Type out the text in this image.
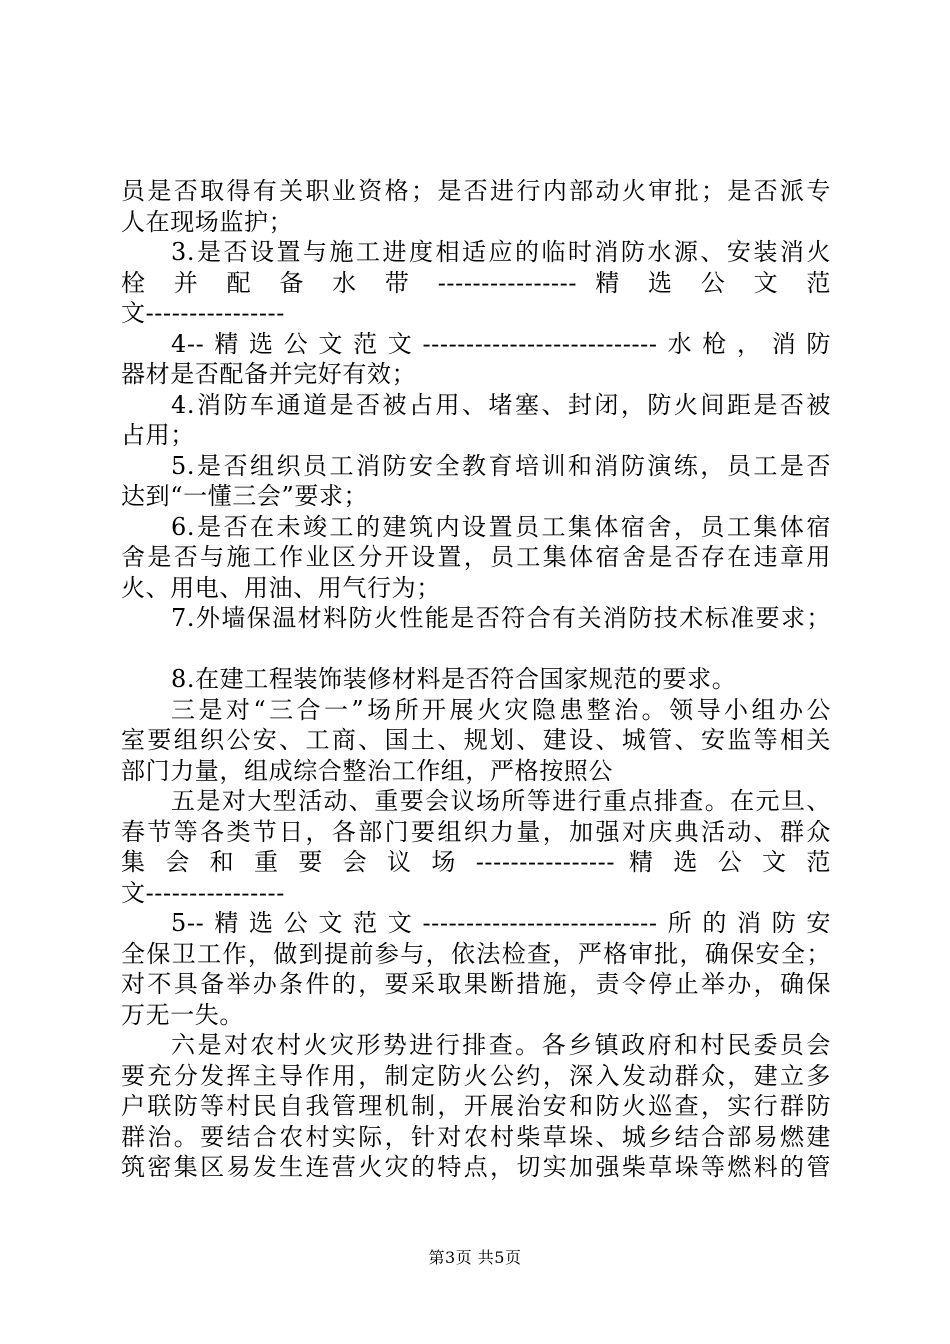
员是否取得有关职业资格；是否进行内部动火审批；是否派专
人在现场监护；
3.是否设置与施工进度相适应的临时消防水源、安装消火
栓 并 配 备 水 带 ---------------- 精 选 公 文 范
文----------------
4--精选公文范文---------------------------水枪，消防
器材是否配备并完好有效；
4.消防车通道是否被占用、堵塞、封闭，防火间距是否被
占用；
5.是否组织员工消防安全教育培训和消防演练，员工是否
达到“一懂三会”要求；
6.是否在未竣工的建筑内设置员工集体宿舍，员工集体宿
舍是否与施工作业区分开设置，员工集体宿舍是否存在违章用
火、用电、用油、用气行为；
7.外墙保温材料防火性能是否符合有关消防技术标准要求；
8.在建工程装饰装修材料是否符合国家规范的要求。
三是对“三合一”场所开展火灾隐患整治。领导小组办公
室要组织公安、工商、国土、规划、建设、城管、安监等相关
部门力量，组成综合整治工作组，严格按照公
五是对大型活动、重要会议场所等进行重点排查。在元旦、
春节等各类节日，各部门要组织力量，加强对庆典活动、群众
集 会 和 重 要 会 议 场 ---------------- 精 选 公 文 范
文----------------
5--精选公文范文---------------------------所的消防安
全保卫工作，做到提前参与，依法检查，严格审批，确保安全；
对不具备举办条件的，要采取果断措施，责令停止举办，确保
万无一失。
六是对农村火灾形势进行排查。各乡镇政府和村民委员会
要充分发挥主导作用，制定防火公约，深入发动群众，建立多
户联防等村民自我管理机制，开展治安和防火巡查，实行群防
群治。要结合农村实际，针对农村柴草垛、城乡结合部易燃建
筑密集区易发生连营火灾的特点，切实加强柴草垛等燃料的管
第3页 共5页
